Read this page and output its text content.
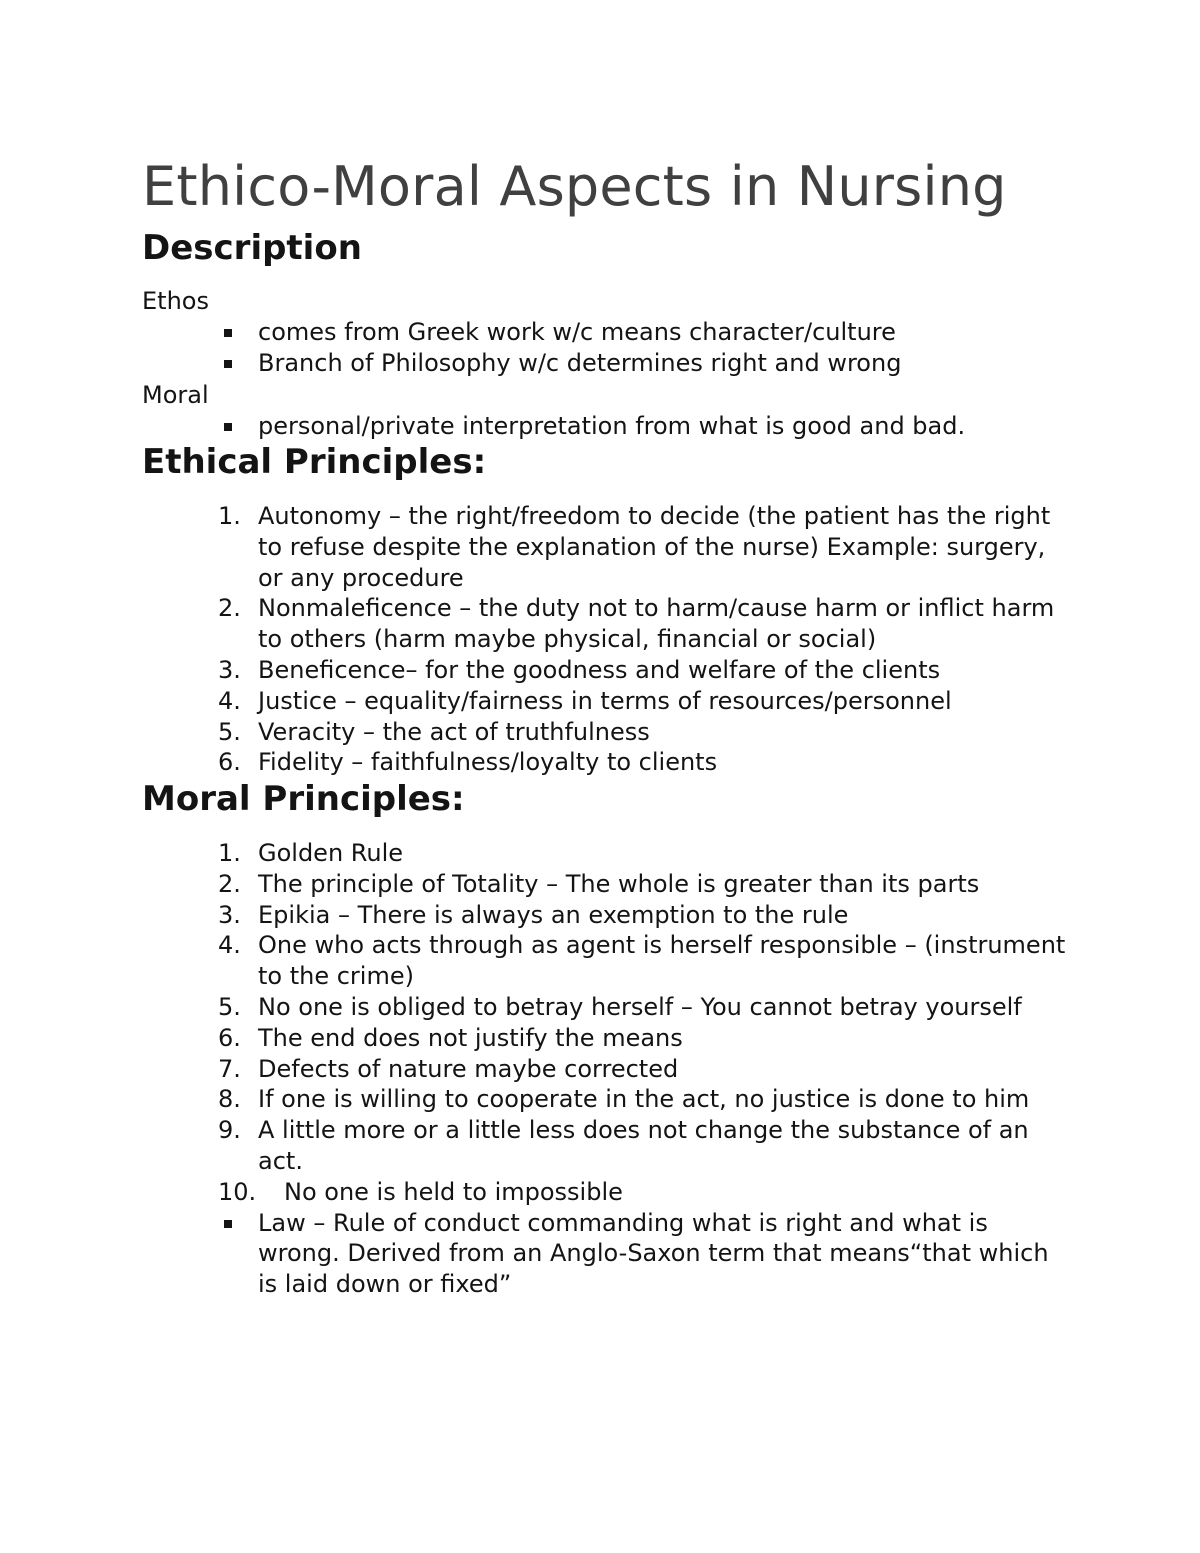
Ethico-Moral Aspects in Nursing
Description

Ethos

comes from Greek work w/c means character/culture
Branch of Philosophy w/c determines right and wrong

Moral

personal/private interpretation from what is good and bad.
Ethical Principles:
1. Autonomy – the right/freedom to decide (the patient has the right to refuse despite the explanation of the nurse) Example: surgery, or any procedure
2. Nonmaleficence – the duty not to harm/cause harm or inflict harm to others (harm maybe physical, financial or social)
3. Beneficence– for the goodness and welfare of the clients
4. Justice – equality/fairness in terms of resources/personnel
5. Veracity – the act of truthfulness
6. Fidelity – faithfulness/loyalty to clients
Moral Principles:
1. Golden Rule
2. The principle of Totality – The whole is greater than its parts
3. Epikia – There is always an exemption to the rule
4. One who acts through as agent is herself responsible – (instrument to the crime)
5. No one is obliged to betray herself – You cannot betray yourself
6. The end does not justify the means
7. Defects of nature maybe corrected
8. If one is willing to cooperate in the act, no justice is done to him
9. A little more or a little less does not change the substance of an act.
10. No one is held to impossible
Law – Rule of conduct commanding what is right and what is wrong. Derived from an Anglo-Saxon term that means“that which is laid down or fixed”
